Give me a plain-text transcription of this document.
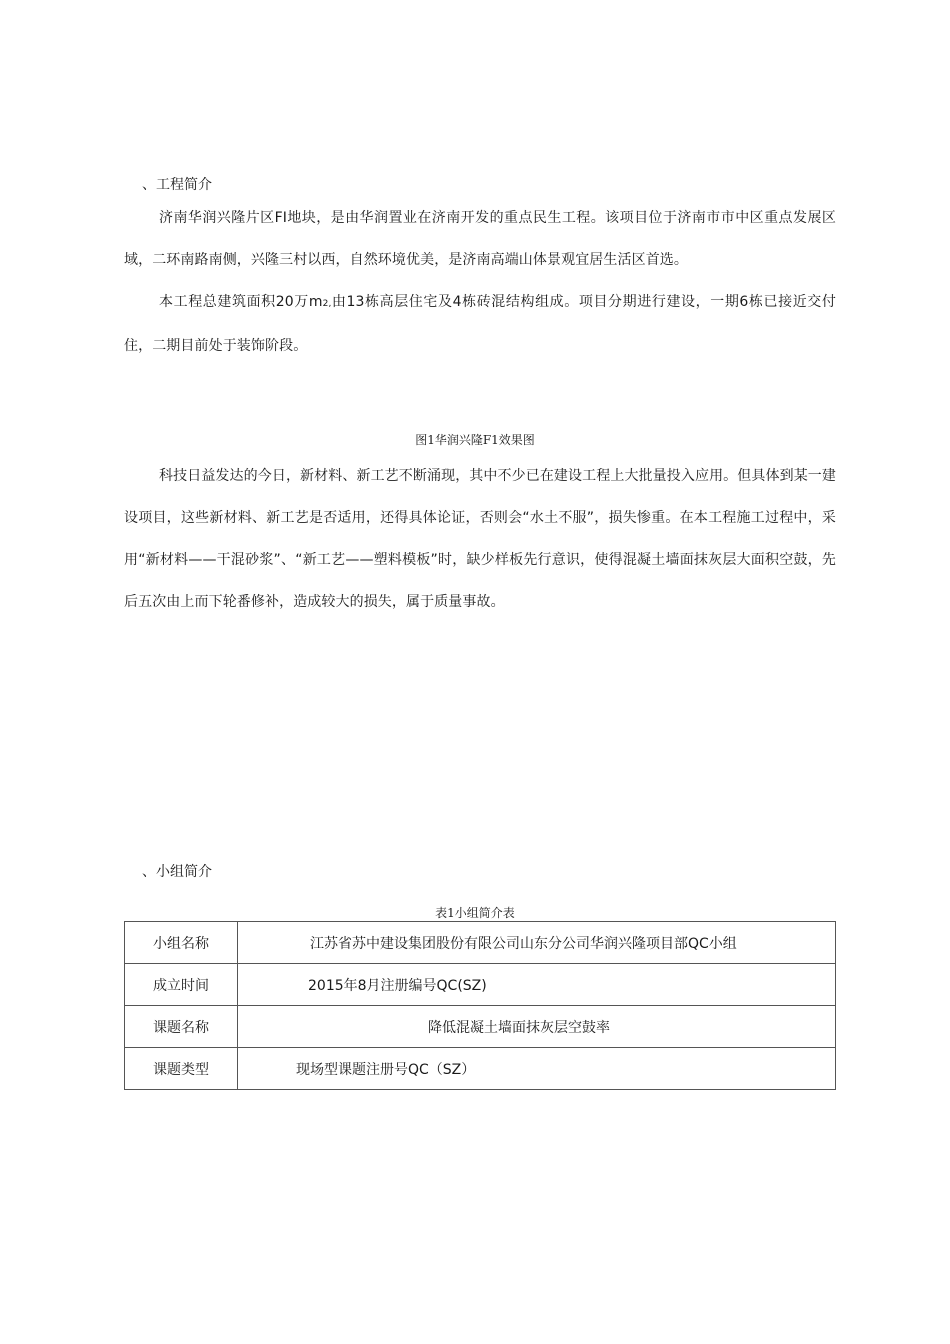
、工程简介

济南华润兴隆片区FI地块，是由华润置业在济南开发的重点民生工程。该项目位于济南市市中区重点发展区域，二环南路南侧，兴隆三村以西，自然环境优美，是济南高端山体景观宜居生活区首选。

本工程总建筑面积20万m2,由13栋高层住宅及4栋砖混结构组成。项目分期进行建设，一期6栋已接近交付住，二期目前处于装饰阶段。

图1华润兴隆F1效果图

科技日益发达的今日，新材料、新工艺不断涌现，其中不少已在建设工程上大批量投入应用。但具体到某一建设项目，这些新材料、新工艺是否适用，还得具体论证，否则会“水土不服”，损失惨重。在本工程施工过程中，采用“新材料——干混砂浆”、“新工艺——塑料模板”时，缺少样板先行意识，使得混凝土墙面抹灰层大面积空鼓，先后五次由上而下轮番修补，造成较大的损失，属于质量事故。

、小组简介
表1小组简介表
小组名称	江苏省苏中建设集团股份有限公司山东分公司华润兴隆项目部QC小组
成立时间	2015年8月注册编号QC(SZ)
课题名称	降低混凝土墙面抹灰层空鼓率
课题类型	现场型课题注册号QC（SZ）
